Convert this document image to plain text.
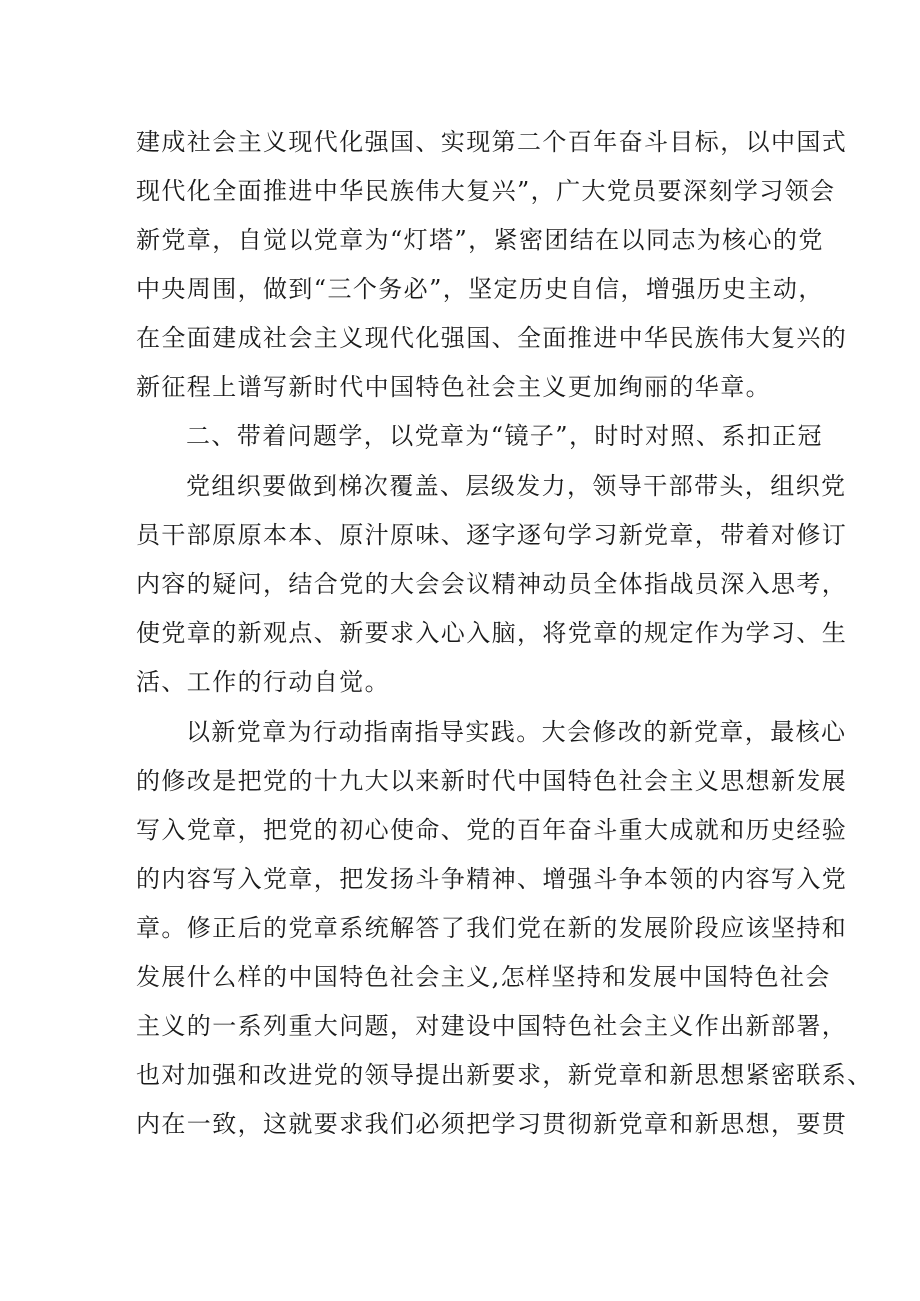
建成社会主义现代化强国、实现第二个百年奋斗目标，以中国式
现代化全面推进中华民族伟大复兴”，广大党员要深刻学习领会
新党章，自觉以党章为“灯塔”，紧密团结在以同志为核心的党
中央周围，做到“三个务必”，坚定历史自信，增强历史主动，
在全面建成社会主义现代化强国、全面推进中华民族伟大复兴的
新征程上谱写新时代中国特色社会主义更加绚丽的华章。
二、带着问题学，以党章为“镜子”，时时对照、系扣正冠
党组织要做到梯次覆盖、层级发力，领导干部带头，组织党
员干部原原本本、原汁原味、逐字逐句学习新党章，带着对修订
内容的疑问，结合党的大会会议精神动员全体指战员深入思考，
使党章的新观点、新要求入心入脑，将党章的规定作为学习、生
活、工作的行动自觉。
以新党章为行动指南指导实践。大会修改的新党章，最核心
的修改是把党的十九大以来新时代中国特色社会主义思想新发展
写入党章，把党的初心使命、党的百年奋斗重大成就和历史经验
的内容写入党章，把发扬斗争精神、增强斗争本领的内容写入党
章。修正后的党章系统解答了我们党在新的发展阶段应该坚持和
发展什么样的中国特色社会主义,怎样坚持和发展中国特色社会
主义的一系列重大问题，对建设中国特色社会主义作出新部署，
也对加强和改进党的领导提出新要求，新党章和新思想紧密联系、
内在一致，这就要求我们必须把学习贯彻新党章和新思想，要贯
